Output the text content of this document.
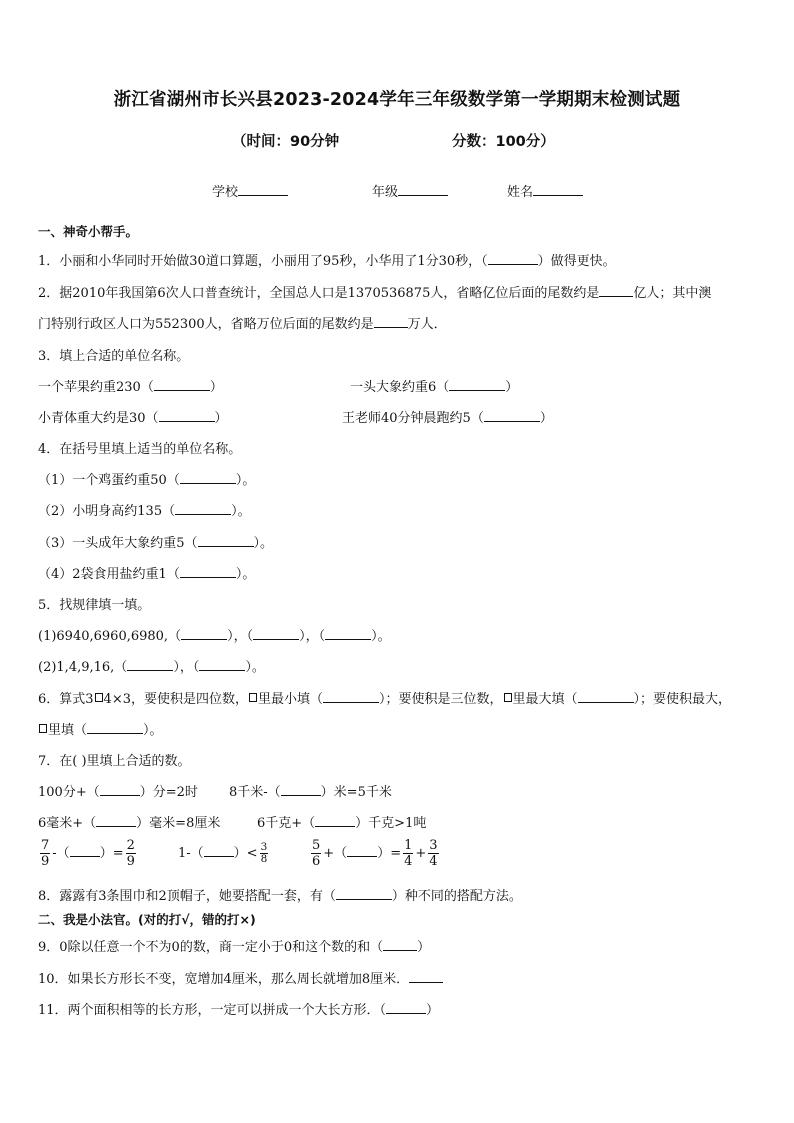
浙江省湖州市长兴县2023-2024学年三年级数学第一学期期末检测试题
（时间：90分钟	分数：100分）
学校	年级	姓名
一、神奇小帮手。
1．小丽和小华同时开始做30道口算题，小丽用了95秒，小华用了1分30秒，（	）做得更快。
2．据2010年我国第6次人口普查统计，全国总人口是1370536875人，省略亿位后面的尾数约是	亿人；其中澳
门特别行政区人口为552300人，省略万位后面的尾数约是	万人．
3．填上合适的单位名称。
一个苹果约重230（	）	一头大象约重6（	）
小青体重大约是30（	）	王老师40分钟晨跑约5（	）
4．在括号里填上适当的单位名称。
（1）一个鸡蛋约重50（	）。
（2）小明身高约135（	）。
（3）一头成年大象约重5（	）。
（4）2袋食用盐约重1（	）。
5．找规律填一填。
(1)6940,6960,6980,（	），（	），（	）。
(2)1,4,9,16,（	），（	）。
6．算式3 4×3，要使积是四位数， 里最小填（	）；要使积是三位数， 里最大填（	）；要使积最大，
里填（	）。
7．在( )里填上合适的数。
100分+（	）分=2时 8千米-（	）米=5千米
6毫米+（	）毫米=8厘米	6千克+（	）千克>1吨
$\frac{7}{9}$ -（ ）= $\frac{2}{9}$	1-（ ）< $\frac{3}{8}$	$\frac{5}{6}$ +（ ）= $\frac{1}{4} + \frac{3}{4}$
8．露露有3条围巾和2顶帽子，她要搭配一套，有（	）种不同的搭配方法。
二、我是小法官。(对的打√，错的打×)
9．0除以任意一个不为0的数，商一定小于0和这个数的和（	）
10．如果长方形长不变，宽增加4厘米，那么周长就增加8厘米．
11．两个面积相等的长方形，一定可以拼成一个大长方形．（	）
